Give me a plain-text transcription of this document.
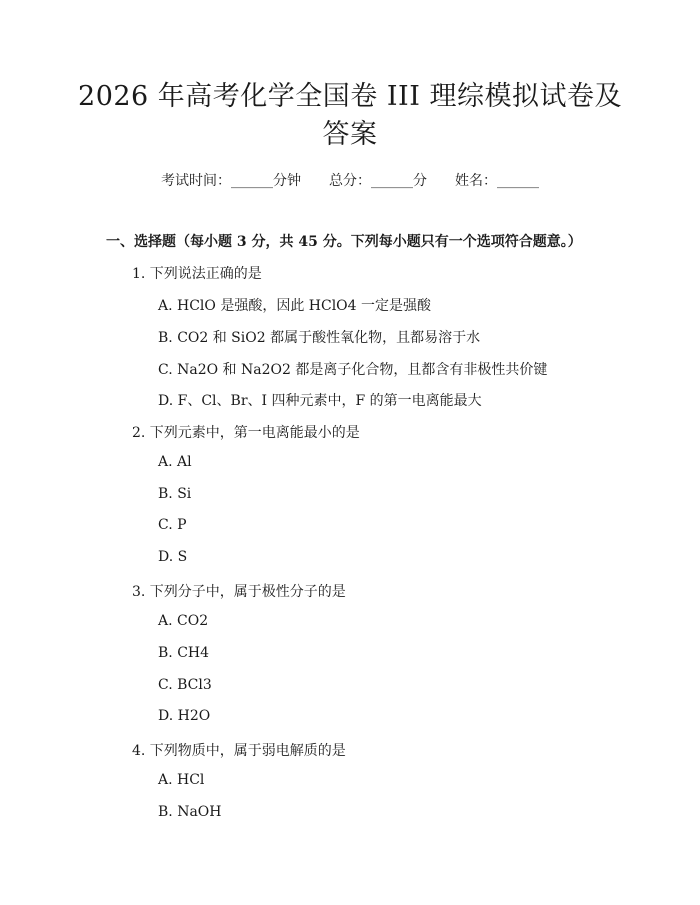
2026 年高考化学全国卷 III 理综模拟试卷及
答案
考试时间：______分钟 总分：______分 姓名：______
一、选择题（每小题 3 分，共 45 分。下列每小题只有一个选项符合题意。）
1. 下列说法正确的是
A. HClO 是强酸，因此 HClO4 一定是强酸
B. CO2 和 SiO2 都属于酸性氧化物，且都易溶于水
C. Na2O 和 Na2O2 都是离子化合物，且都含有非极性共价键
D. F、Cl、Br、I 四种元素中，F 的第一电离能最大
2. 下列元素中，第一电离能最小的是
A. Al
B. Si
C. P
D. S
3. 下列分子中，属于极性分子的是
A. CO2
B. CH4
C. BCl3
D. H2O
4. 下列物质中，属于弱电解质的是
A. HCl
B. NaOH
